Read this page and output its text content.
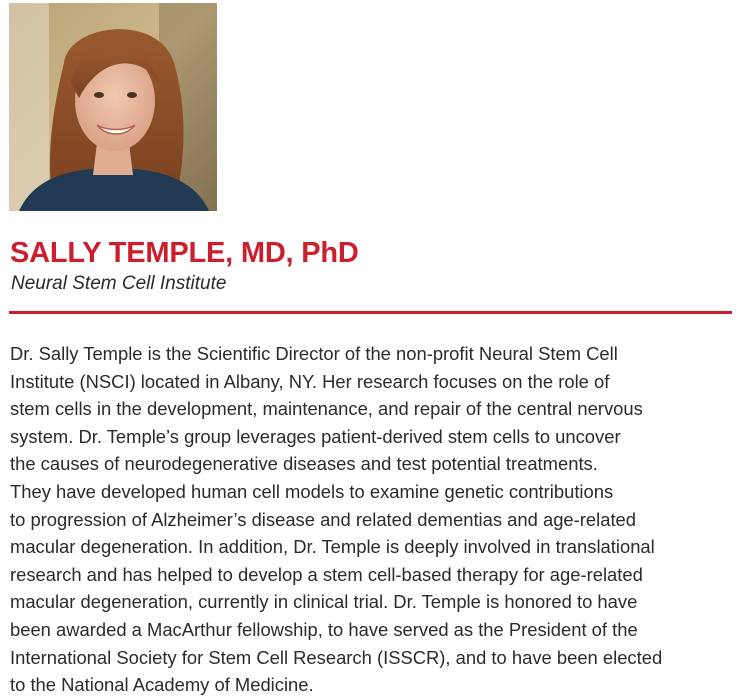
SALLY TEMPLE, MD, PhD

Neural Stem Cell Institute

Dr. Sally Temple is the Scientific Director of the non-profit Neural Stem Cell
Institute (NSCI) located in Albany, NY. Her research focuses on the role of
stem cells in the development, maintenance, and repair of the central nervous
system. Dr. Temple’s group leverages patient-derived stem cells to uncover
the causes of neurodegenerative diseases and test potential treatments.
They have developed human cell models to examine genetic contributions
to progression of Alzheimer’s disease and related dementias and age-related
macular degeneration. In addition, Dr. Temple is deeply involved in translational
research and has helped to develop a stem cell-based therapy for age-related
macular degeneration, currently in clinical trial. Dr. Temple is honored to have
been awarded a MacArthur fellowship, to have served as the President of the
International Society for Stem Cell Research (ISSCR), and to have been elected
to the National Academy of Medicine.
